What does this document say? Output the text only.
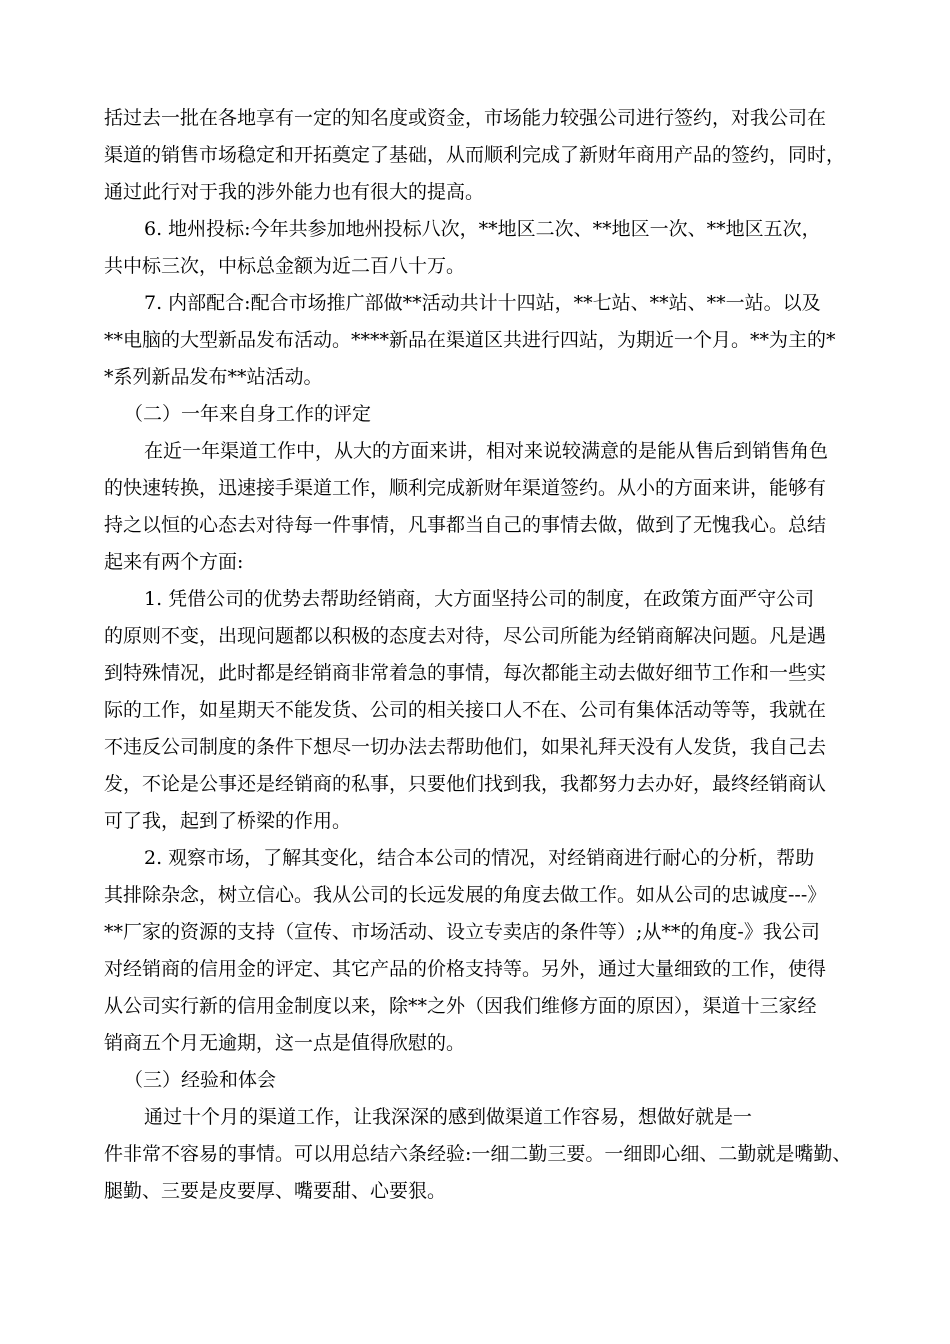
括过去一批在各地享有一定的知名度或资金，市场能力较强公司进行签约，对我公司在
渠道的销售市场稳定和开拓奠定了基础，从而顺利完成了新财年商用产品的签约，同时，
通过此行对于我的涉外能力也有很大的提高。
6. 地州投标:今年共参加地州投标八次，**地区二次、**地区一次、**地区五次，
共中标三次，中标总金额为近二百八十万。
7. 内部配合:配合市场推广部做**活动共计十四站，**七站、**站、**一站。以及
**电脑的大型新品发布活动。****新品在渠道区共进行四站，为期近一个月。**为主的*
*系列新品发布**站活动。
（二）一年来自身工作的评定
在近一年渠道工作中，从大的方面来讲，相对来说较满意的是能从售后到销售角色
的快速转换，迅速接手渠道工作，顺利完成新财年渠道签约。从小的方面来讲，能够有
持之以恒的心态去对待每一件事情，凡事都当自己的事情去做，做到了无愧我心。总结
起来有两个方面:
1. 凭借公司的优势去帮助经销商，大方面坚持公司的制度，在政策方面严守公司
的原则不变，出现问题都以积极的态度去对待，尽公司所能为经销商解决问题。凡是遇
到特殊情况，此时都是经销商非常着急的事情，每次都能主动去做好细节工作和一些实
际的工作，如星期天不能发货、公司的相关接口人不在、公司有集体活动等等，我就在
不违反公司制度的条件下想尽一切办法去帮助他们，如果礼拜天没有人发货，我自己去
发，不论是公事还是经销商的私事，只要他们找到我，我都努力去办好，最终经销商认
可了我，起到了桥梁的作用。
2. 观察市场，了解其变化，结合本公司的情况，对经销商进行耐心的分析，帮助
其排除杂念，树立信心。我从公司的长远发展的角度去做工作。如从公司的忠诚度---》
**厂家的资源的支持（宣传、市场活动、设立专卖店的条件等）;从**的角度-》我公司
对经销商的信用金的评定、其它产品的价格支持等。另外，通过大量细致的工作，使得
从公司实行新的信用金制度以来，除**之外（因我们维修方面的原因），渠道十三家经
销商五个月无逾期，这一点是值得欣慰的。
（三）经验和体会
通过十个月的渠道工作，让我深深的感到做渠道工作容易，想做好就是一
件非常不容易的事情。可以用总结六条经验:一细二勤三要。一细即心细、二勤就是嘴勤、
腿勤、三要是皮要厚、嘴要甜、心要狠。
